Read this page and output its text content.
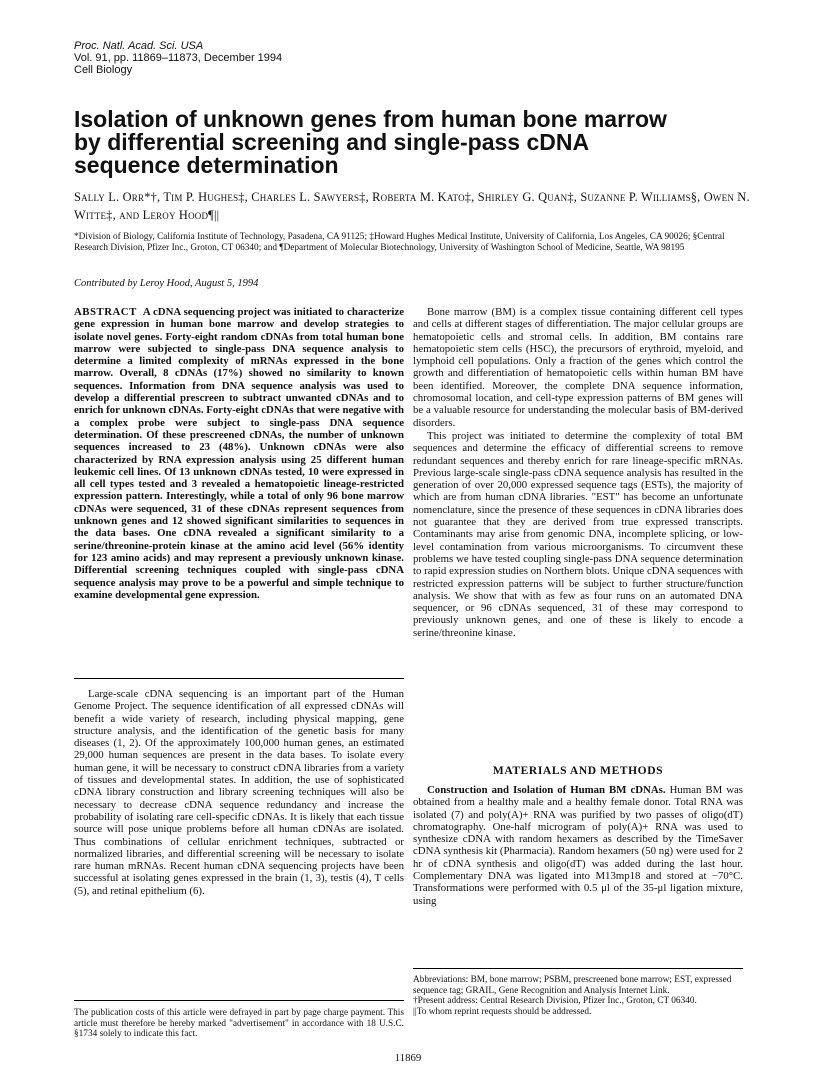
Proc. Natl. Acad. Sci. USA
Vol. 91, pp. 11869–11873, December 1994
Cell Biology
Isolation of unknown genes from human bone marrow by differential screening and single-pass cDNA sequence determination
Sally L. Orr*†, Tim P. Hughes‡, Charles L. Sawyers‡, Roberta M. Kato‡, Shirley G. Quan‡, Suzanne P. Williams§, Owen N. Witte‡, and Leroy Hood¶||
*Division of Biology, California Institute of Technology, Pasadena, CA 91125; ‡Howard Hughes Medical Institute, University of California, Los Angeles, CA 90026; §Central Research Division, Pfizer Inc., Groton, CT 06340; and ¶Department of Molecular Biotechnology, University of Washington School of Medicine, Seattle, WA 98195
Contributed by Leroy Hood, August 5, 1994

ABSTRACT A cDNA sequencing project was initiated to characterize gene expression in human bone marrow and develop strategies to isolate novel genes. Forty-eight random cDNAs from total human bone marrow were subjected to single-pass DNA sequence analysis to determine a limited complexity of mRNAs expressed in the bone marrow. Overall, 8 cDNAs (17%) showed no similarity to known sequences. Information from DNA sequence analysis was used to develop a differential prescreen to subtract unwanted cDNAs and to enrich for unknown cDNAs. Forty-eight cDNAs that were negative with a complex probe were subject to single-pass DNA sequence determination. Of these prescreened cDNAs, the number of unknown sequences increased to 23 (48%). Unknown cDNAs were also characterized by RNA expression analysis using 25 different human leukemic cell lines. Of 13 unknown cDNAs tested, 10 were expressed in all cell types tested and 3 revealed a hematopoietic lineage-restricted expression pattern. Interestingly, while a total of only 96 bone marrow cDNAs were sequenced, 31 of these cDNAs represent sequences from unknown genes and 12 showed significant similarities to sequences in the data bases. One cDNA revealed a significant similarity to a serine/threonine-protein kinase at the amino acid level (56% identity for 123 amino acids) and may represent a previously unknown kinase. Differential screening techniques coupled with single-pass cDNA sequence analysis may prove to be a powerful and simple technique to examine developmental gene expression.

Large-scale cDNA sequencing is an important part of the Human Genome Project. The sequence identification of all expressed cDNAs will benefit a wide variety of research, including physical mapping, gene structure analysis, and the identification of the genetic basis for many diseases (1, 2). Of the approximately 100,000 human genes, an estimated 29,000 human sequences are present in the data bases. To isolate every human gene, it will be necessary to construct cDNA libraries from a variety of tissues and developmental states. In addition, the use of sophisticated cDNA library construction and library screening techniques will also be necessary to decrease cDNA sequence redundancy and increase the probability of isolating rare cell-specific cDNAs. It is likely that each tissue source will pose unique problems before all human cDNAs are isolated. Thus combinations of cellular enrichment techniques, subtracted or normalized libraries, and differential screening will be necessary to isolate rare human mRNAs. Recent human cDNA sequencing projects have been successful at isolating genes expressed in the brain (1, 3), testis (4), T cells (5), and retinal epithelium (6).

The publication costs of this article were defrayed in part by page charge payment. This article must therefore be hereby marked "advertisement" in accordance with 18 U.S.C. §1734 solely to indicate this fact.

Bone marrow (BM) is a complex tissue containing different cell types and cells at different stages of differentiation. The major cellular groups are hematopoietic cells and stromal cells. In addition, BM contains rare hematopoietic stem cells (HSC), the precursors of erythroid, myeloid, and lymphoid cell populations. Only a fraction of the genes which control the growth and differentiation of hematopoietic cells within human BM have been identified. Moreover, the complete DNA sequence information, chromosomal location, and cell-type expression patterns of BM genes will be a valuable resource for understanding the molecular basis of BM-derived disorders.

This project was initiated to determine the complexity of total BM sequences and determine the efficacy of differential screens to remove redundant sequences and thereby enrich for rare lineage-specific mRNAs. Previous large-scale single-pass cDNA sequence analysis has resulted in the generation of over 20,000 expressed sequence tags (ESTs), the majority of which are from human cDNA libraries. "EST" has become an unfortunate nomenclature, since the presence of these sequences in cDNA libraries does not guarantee that they are derived from true expressed transcripts. Contaminants may arise from genomic DNA, incomplete splicing, or low-level contamination from various microorganisms. To circumvent these problems we have tested coupling single-pass DNA sequence determination to rapid expression studies on Northern blots. Unique cDNA sequences with restricted expression patterns will be subject to further structure/function analysis. We show that with as few as four runs on an automated DNA sequencer, or 96 cDNAs sequenced, 31 of these may correspond to previously unknown genes, and one of these is likely to encode a serine/threonine kinase.

MATERIALS AND METHODS

Construction and Isolation of Human BM cDNAs. Human BM was obtained from a healthy male and a healthy female donor. Total RNA was isolated (7) and poly(A)+ RNA was purified by two passes of oligo(dT) chromatography. One-half microgram of poly(A)+ RNA was used to synthesize cDNA with random hexamers as described by the TimeSaver cDNA synthesis kit (Pharmacia). Random hexamers (50 ng) were used for 2 hr of cDNA synthesis and oligo(dT) was added during the last hour. Complementary DNA was ligated into M13mp18 and stored at −70°C. Transformations were performed with 0.5 μl of the 35-μl ligation mixture, using

Abbreviations: BM, bone marrow; PSBM, prescreened bone marrow; EST, expressed sequence tag; GRAIL, Gene Recognition and Analysis Internet Link.

†Present address: Central Research Division, Pfizer Inc., Groton, CT 06340.

||To whom reprint requests should be addressed.

11869
